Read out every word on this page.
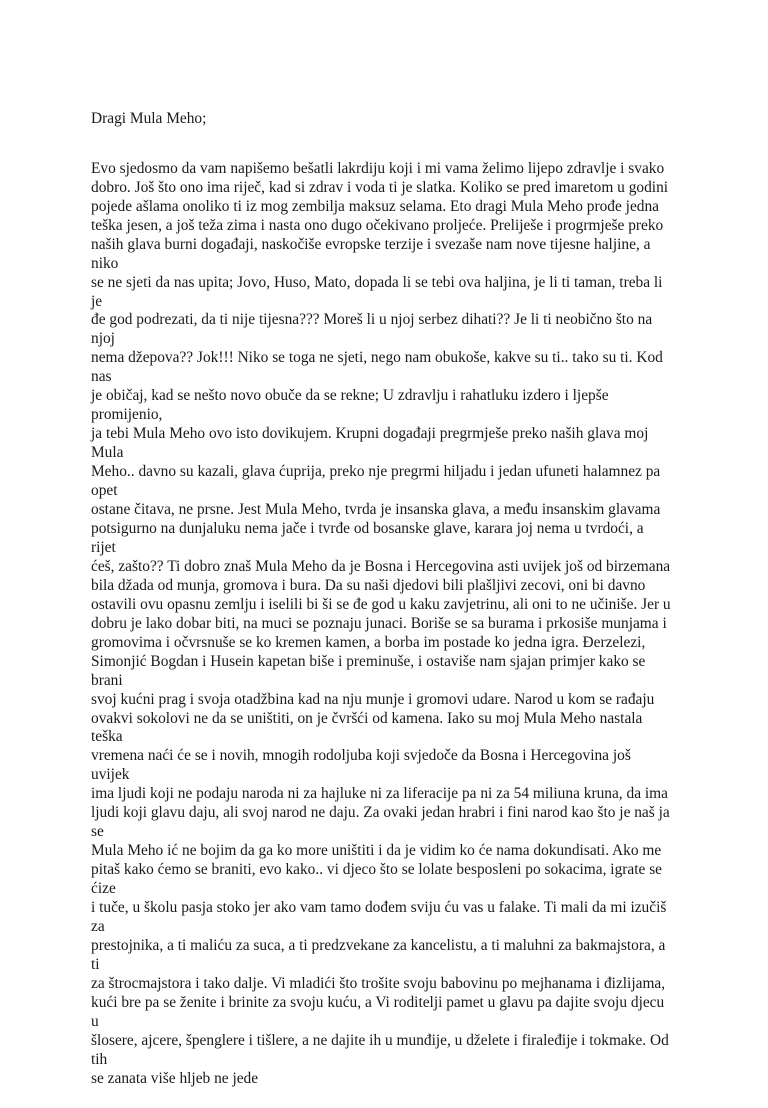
Dragi Mula Meho;

Evo sjedosmo da vam napišemo bešatli lakrdiju koji i mi vama želimo lijepo zdravlje i svako
dobro. Još što ono ima riječ, kad si zdrav i voda ti je slatka. Koliko se pred imaretom u godini
pojede ašlama onoliko ti iz mog zembilja maksuz selama. Eto dragi Mula Meho prođe jedna
teška jesen, a još teža zima i nasta ono dugo očekivano proljeće. Preliješe i progrmješe preko
naših glava burni događaji, naskočiše evropske terzije i svezaše nam nove tijesne haljine, a niko
se ne sjeti da nas upita; Jovo, Huso, Mato, dopada li se tebi ova haljina, je li ti taman, treba li je
đe god podrezati, da ti nije tijesna??? Moreš li u njoj serbez dihati?? Je li ti neobično što na njoj
nema džepova?? Jok!!! Niko se toga ne sjeti, nego nam obukoše, kakve su ti.. tako su ti. Kod nas
je običaj, kad se nešto novo obuče da se rekne; U zdravlju i rahatluku izdero i ljepše promijenio,
ja tebi Mula Meho ovo isto dovikujem. Krupni događaji pregrmješe preko naših glava moj Mula
Meho.. davno su kazali, glava ćuprija, preko nje pregrmi hiljadu i jedan ufuneti halamnez pa opet
ostane čitava, ne prsne. Jest Mula Meho, tvrda je insanska glava, a među insanskim glavama
potsigurno na dunjaluku nema jače i tvrđe od bosanske glave, karara joj nema u tvrdoći, a rijet
ćeš, zašto?? Ti dobro znaš Mula Meho da je Bosna i Hercegovina asti uvijek još od birzemana
bila džada od munja, gromova i bura. Da su naši djedovi bili plašljivi zecovi, oni bi davno
ostavili ovu opasnu zemlju i iselili bi ši se đe god u kaku zavjetrinu, ali oni to ne učiniše. Jer u
dobru je lako dobar biti, na muci se poznaju junaci. Boriše se sa burama i prkosiše munjama i
gromovima i očvrsnuše se ko kremen kamen, a borba im postade ko jedna igra. Đerzelezi,
Simonjić Bogdan i Husein kapetan biše i preminuše, i ostaviše nam sjajan primjer kako se brani
svoj kućni prag i svoja otadžbina kad na nju munje i gromovi udare. Narod u kom se rađaju
ovakvi sokolovi ne da se uništiti, on je čvršći od kamena. Iako su moj Mula Meho nastala teška
vremena naći će se i novih, mnogih rodoljuba koji svjedoče da Bosna i Hercegovina još uvijek
ima ljudi koji ne podaju naroda ni za hajluke ni za liferacije pa ni za 54 miliuna kruna, da ima
ljudi koji glavu daju, ali svoj narod ne daju. Za ovaki jedan hrabri i fini narod kao što je naš ja se
Mula Meho ić ne bojim da ga ko more uništiti i da je vidim ko će nama dokundisati. Ako me
pitaš kako ćemo se braniti, evo kako.. vi djeco što se lolate besposleni po sokacima, igrate se ćize
i tuče, u školu pasja stoko jer ako vam tamo dođem sviju ću vas u falake. Ti mali da mi izučiš za
prestojnika, a ti maliću za suca, a ti predzvekane za kancelistu, a ti maluhni za bakmajstora, a ti
za štrocmajstora i tako dalje. Vi mladići što trošite svoju babovinu po mejhanama i đizlijama,
kući bre pa se ženite i brinite za svoju kuću, a Vi roditelji pamet u glavu pa dajite svoju djecu u
šlosere, ajcere, špenglere i tišlere, a ne dajite ih u munđije, u dželete i firaleđije i tokmake. Od tih
se zanata više hljeb ne jede
